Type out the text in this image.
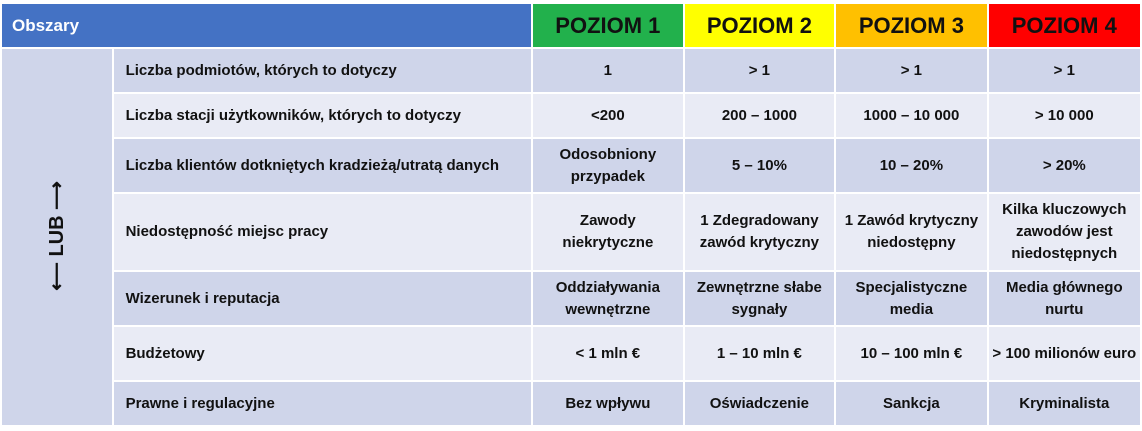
Obszary		POZIOM 1	POZIOM 2	POZIOM 3	POZIOM 4
⟵ LUB ⟶	Liczba podmiotów, których to dotyczy	1	> 1	> 1	> 1
	Liczba stacji użytkowników, których to dotyczy	<200	200 – 1000	1000 – 10 000	> 10 000
	Liczba klientów dotkniętych kradzieżą/utratą danych	Odosobniony przypadek	5 – 10%	10 – 20%	> 20%
	Niedostępność miejsc pracy	Zawody niekrytyczne	1 Zdegradowany zawód krytyczny	1 Zawód krytyczny niedostępny	Kilka kluczowych zawodów jest niedostępnych
	Wizerunek i reputacja	Oddziaływania wewnętrzne	Zewnętrzne słabe sygnały	Specjalistyczne media	Media głównego nurtu
	Budżetowy	< 1 mln €	1 – 10 mln €	10 – 100 mln €	> 100 milionów euro
	Prawne i regulacyjne	Bez wpływu	Oświadczenie	Sankcja	Kryminalista
